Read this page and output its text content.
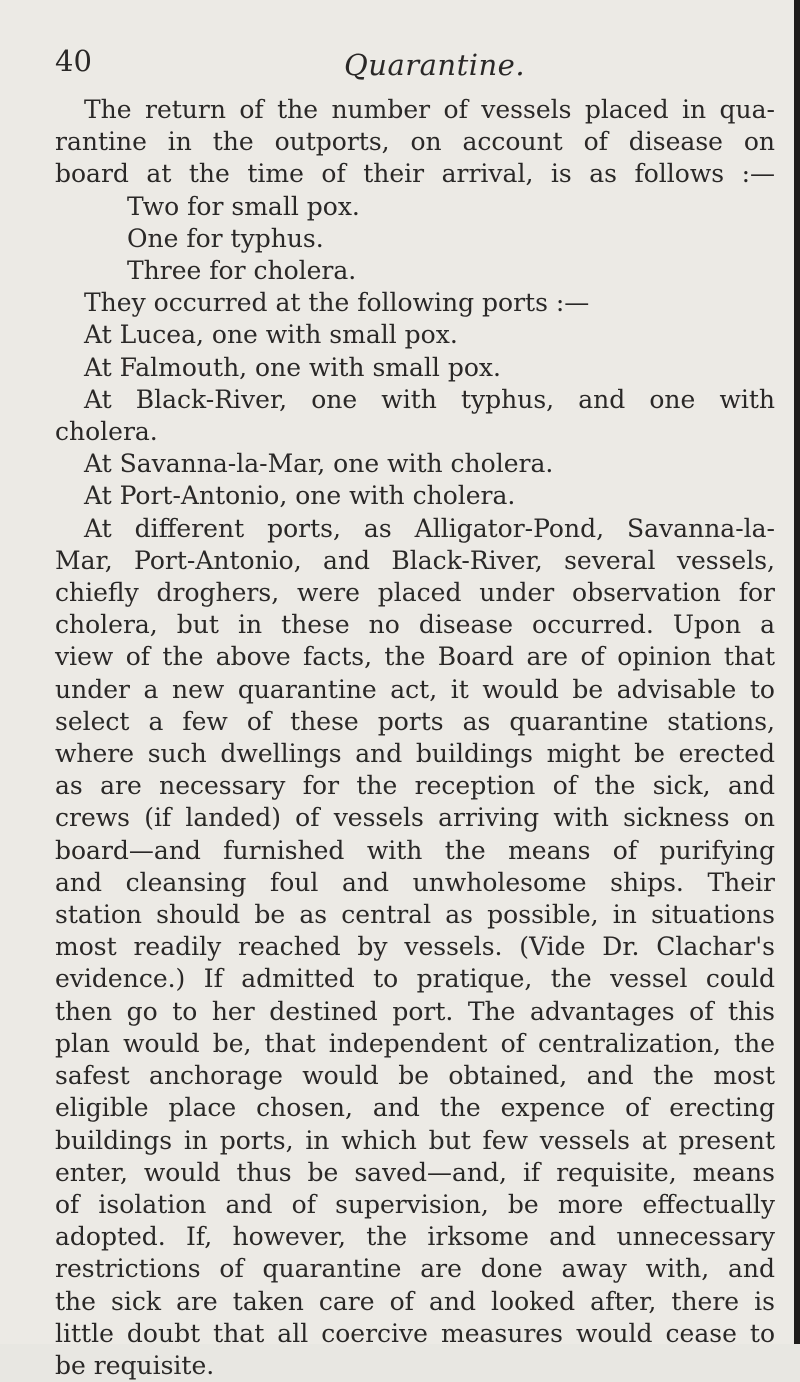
40	Quarantine.
The return of the number of vessels placed in qua-
rantine in the outports, on account of disease on
board at the time of their arrival, is as follows :—
Two for small pox.
One for typhus.
Three for cholera.
They occurred at the following ports :—
At Lucea, one with small pox.
At Falmouth, one with small pox.
At Black-River, one with typhus, and one with
cholera.
At Savanna-la-Mar, one with cholera.
At Port-Antonio, one with cholera.
At different ports, as Alligator-Pond, Savanna-la-
Mar, Port-Antonio, and Black-River, several vessels,
chiefly droghers, were placed under observation for
cholera, but in these no disease occurred. Upon a
view of the above facts, the Board are of opinion that
under a new quarantine act, it would be advisable to
select a few of these ports as quarantine stations,
where such dwellings and buildings might be erected
as are necessary for the reception of the sick, and
crews (if landed) of vessels arriving with sickness on
board—and furnished with the means of purifying
and cleansing foul and unwholesome ships. Their
station should be as central as possible, in situations
most readily reached by vessels. (Vide Dr. Clachar's
evidence.) If admitted to pratique, the vessel could
then go to her destined port. The advantages of this
plan would be, that independent of centralization, the
safest anchorage would be obtained, and the most
eligible place chosen, and the expence of erecting
buildings in ports, in which but few vessels at present
enter, would thus be saved—and, if requisite, means
of isolation and of supervision, be more effectually
adopted. If, however, the irksome and unnecessary
restrictions of quarantine are done away with, and
the sick are taken care of and looked after, there is
little doubt that all coercive measures would cease to
be requisite.
